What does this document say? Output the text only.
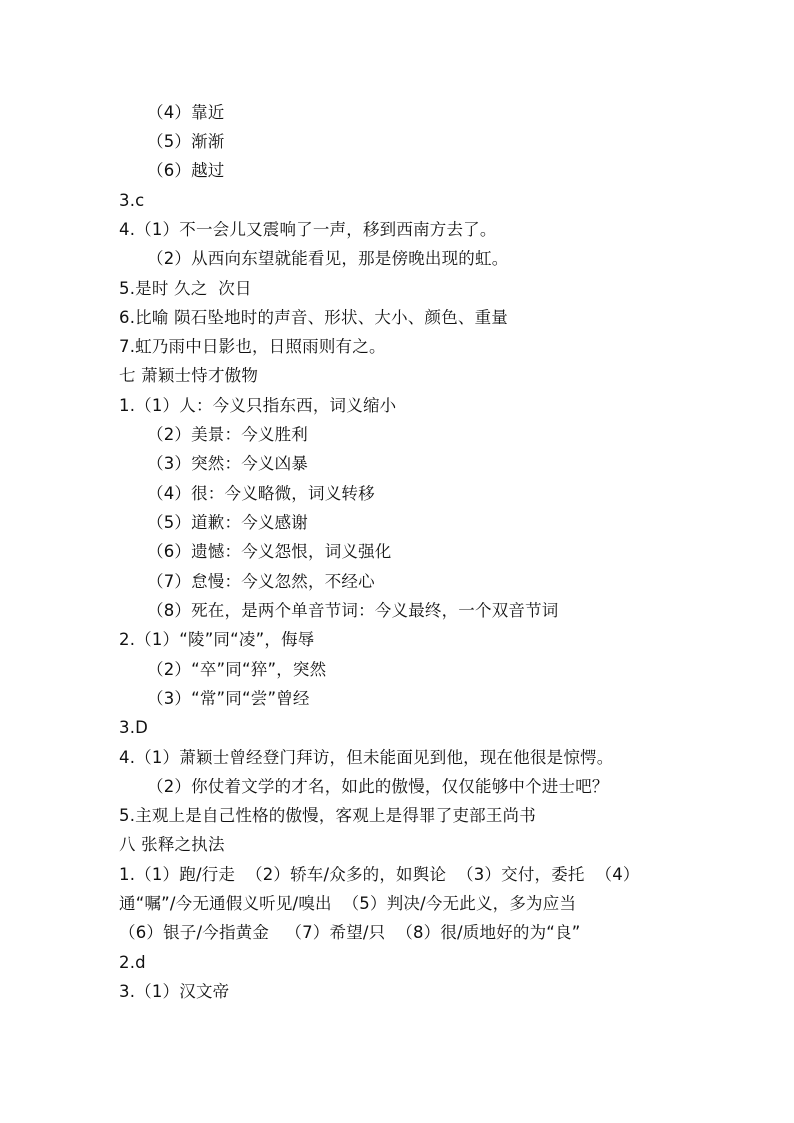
（4）靠近
（5）渐渐
（6）越过
3.c
4.（1）不一会儿又震响了一声，移到西南方去了。
（2）从西向东望就能看见，那是傍晚出现的虹。
5.是时 久之  次日
6.比喻 陨石坠地时的声音、形状、大小、颜色、重量
7.虹乃雨中日影也，日照雨则有之。
七 萧颖士恃才傲物
1.（1）人：今义只指东西，词义缩小
（2）美景：今义胜利
（3）突然：今义凶暴
（4）很：今义略微，词义转移
（5）道歉：今义感谢
（6）遗憾：今义怨恨，词义强化
（7）怠慢：今义忽然，不经心
（8）死在，是两个单音节词：今义最终，一个双音节词
2.（1）“陵”同“凌”，侮辱
（2）“卒”同“猝”，突然
（3）“常”同“尝”曾经
3.D
4.（1）萧颖士曾经登门拜访，但未能面见到他，现在他很是惊愕。
（2）你仗着文学的才名，如此的傲慢，仅仅能够中个进士吧？
5.主观上是自己性格的傲慢，客观上是得罪了吏部王尚书
八 张释之执法
1.（1）跑/行走  （2）轿车/众多的，如舆论  （3）交付，委托  （4）
通“嘱”/今无通假义听见/嗅出  （5）判决/今无此义，多为应当
（6）银子/今指黄金   （7）希望/只  （8）很/质地好的为“良”
2.d
3.（1）汉文帝
